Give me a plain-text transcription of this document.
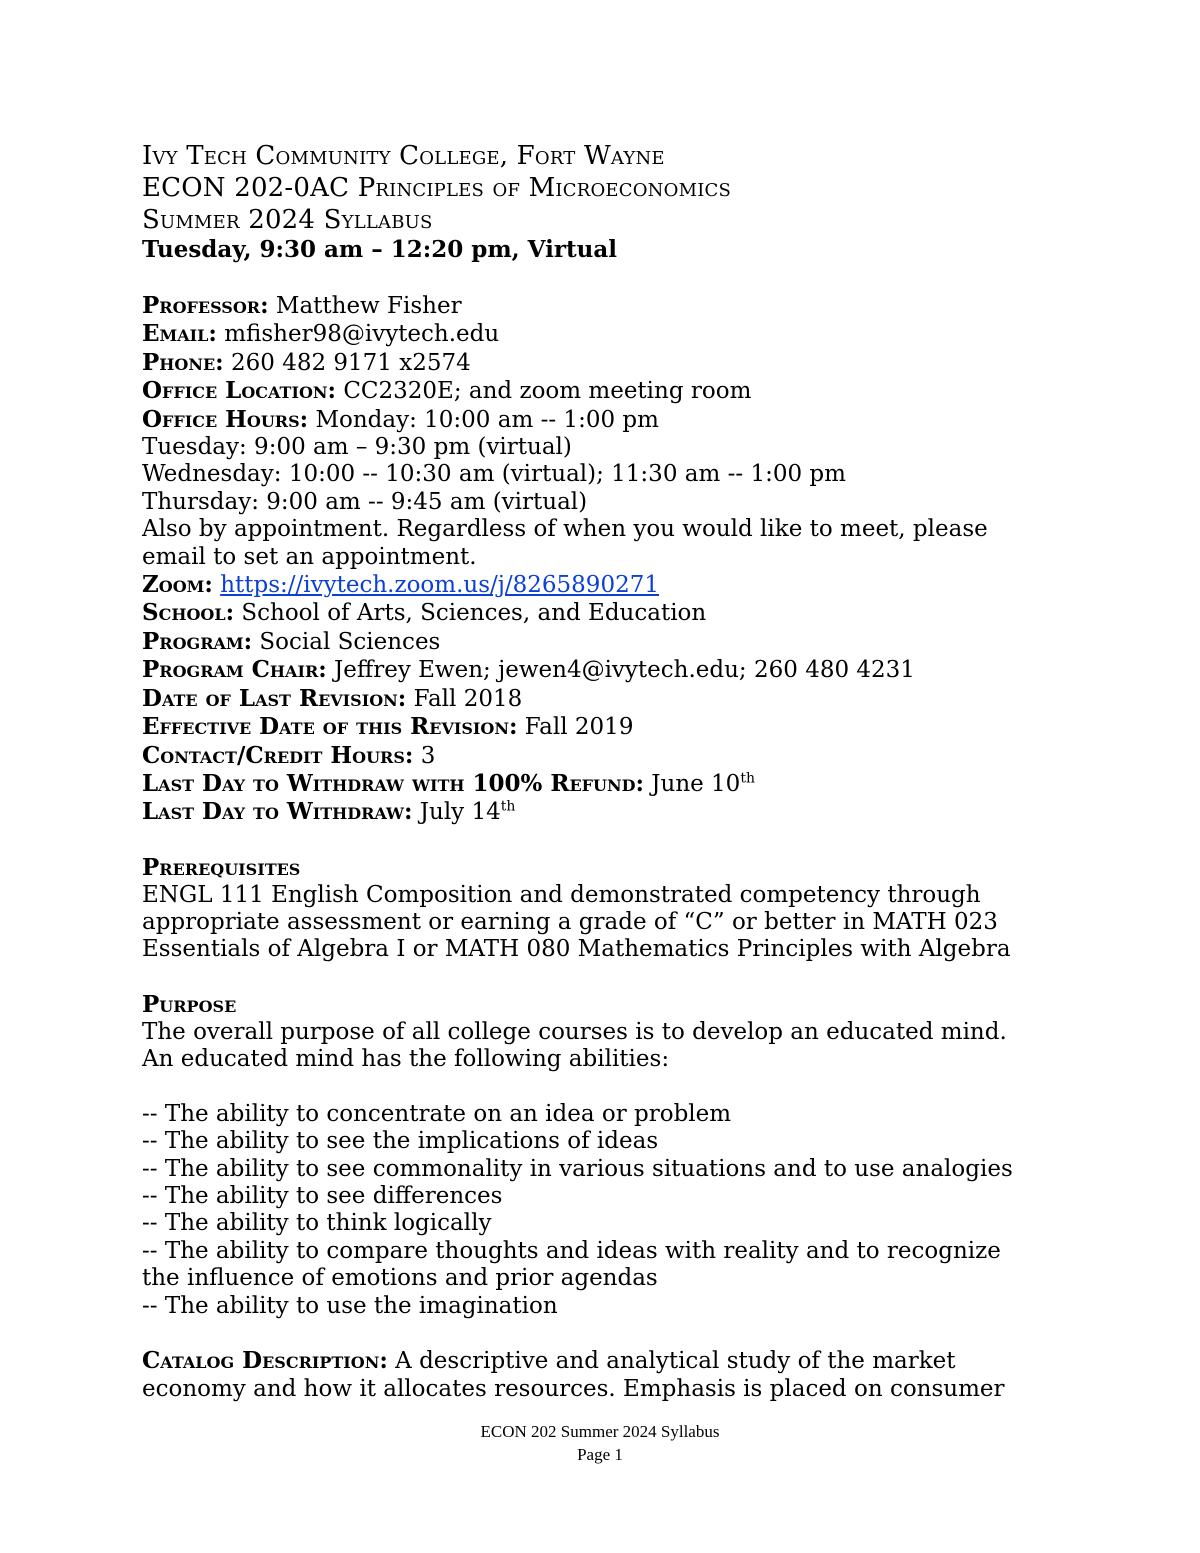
Ivy Tech Community College, Fort Wayne
ECON 202-0AC Principles of Microeconomics
Summer 2024 Syllabus
Tuesday, 9:30 am – 12:20 pm, Virtual
Professor: Matthew Fisher
Email: mfisher98@ivytech.edu
Phone: 260 482 9171 x2574
Office Location: CC2320E; and zoom meeting room
Office Hours: Monday: 10:00 am -- 1:00 pm
Tuesday: 9:00 am – 9:30 pm (virtual)
Wednesday: 10:00 -- 10:30 am (virtual); 11:30 am -- 1:00 pm
Thursday: 9:00 am -- 9:45 am (virtual)
Also by appointment. Regardless of when you would like to meet, please
email to set an appointment.
Zoom: https://ivytech.zoom.us/j/8265890271
School: School of Arts, Sciences, and Education
Program: Social Sciences
Program Chair: Jeffrey Ewen; jewen4@ivytech.edu; 260 480 4231
Date of Last Revision: Fall 2018
Effective Date of this Revision: Fall 2019
Contact/Credit Hours: 3
Last Day to Withdraw with 100% Refund: June 10th
Last Day to Withdraw: July 14th
Prerequisites
ENGL 111 English Composition and demonstrated competency through
appropriate assessment or earning a grade of “C” or better in MATH 023
Essentials of Algebra I or MATH 080 Mathematics Principles with Algebra
Purpose
The overall purpose of all college courses is to develop an educated mind.
An educated mind has the following abilities:
-- The ability to concentrate on an idea or problem
-- The ability to see the implications of ideas
-- The ability to see commonality in various situations and to use analogies
-- The ability to see differences
-- The ability to think logically
-- The ability to compare thoughts and ideas with reality and to recognize
the influence of emotions and prior agendas
-- The ability to use the imagination
Catalog Description: A descriptive and analytical study of the market
economy and how it allocates resources. Emphasis is placed on consumer
ECON 202 Summer 2024 Syllabus
Page 1
